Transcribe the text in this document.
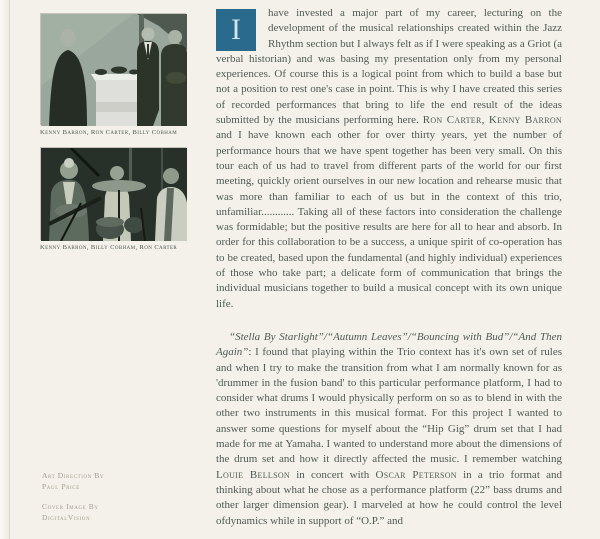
Kenny Barron, Ron Carter, Billy Cobham
Kenny Barron, Billy Cobham, Ron Carter
Art Direction By
Paul Price
Cover Image By
DigitalVision

I
have invested a major part of my career, lecturing on the development of the musical relationships created within the Jazz Rhythm section but I always felt as if I were speaking as a Griot (a verbal historian) and was basing my presentation only from my personal experiences. Of course this is a logical point from which to build a base but not a position to rest one's case in point. This is why I have created this series of recorded performances that bring to life the end result of the ideas submitted by the musicians performing here. Ron Carter, Kenny Barron and I have known each other for over thirty years, yet the number of performance hours that we have spent together has been very small. On this tour each of us had to travel from different parts of the world for our first meeting, quickly orient ourselves in our new location and rehearse music that was more than familiar to each of us but in the context of this trio, unfamiliar............ Taking all of these factors into consideration the challenge was formidable; but the positive results are here for all to hear and absorb. In order for this collaboration to be a success, a unique spirit of co-operation has to be created, based upon the fundamental (and highly individual) experiences of those who take part; a delicate form of communication that brings the individual musicians together to build a musical concept with its own unique life.

“Stella By Starlight”/“Autumn Leaves”/“Bouncing with Bud”/“And Then Again”: I found that playing within the Trio context has it's own set of rules and when I try to make the transition from what I am normally known for as 'drummer in the fusion band' to this particular performance platform, I had to consider what drums I would physically perform on so as to blend in with the other two instruments in this musical format. For this project I wanted to answer some questions for myself about the “Hip Gig” drum set that I had made for me at Yamaha. I wanted to understand more about the dimensions of the drum set and how it directly affected the music. I remember watching Louie Bellson in concert with Oscar Peterson in a trio format and thinking about what he chose as a performance platform (22” bass drums and other larger dimension gear). I marveled at how he could control the level ofdynamics while in support of “O.P.” and
